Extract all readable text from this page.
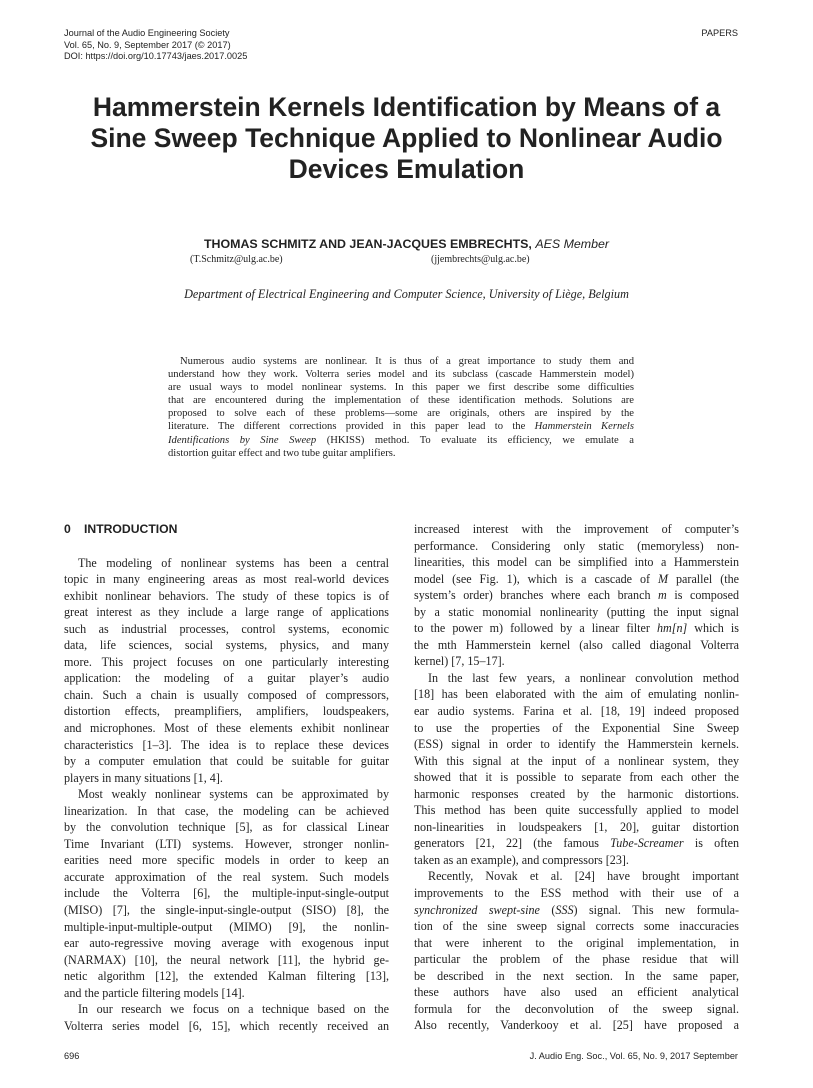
Journal of the Audio Engineering Society
Vol. 65, No. 9, September 2017 (© 2017)
DOI: https://doi.org/10.17743/jaes.2017.0025
PAPERS
Hammerstein Kernels Identification by Means of a
Sine Sweep Technique Applied to Nonlinear Audio
Devices Emulation
THOMAS SCHMITZ AND JEAN-JACQUES EMBRECHTS, AES Member
(T.Schmitz@ulg.ac.be)	(jjembrechts@ulg.ac.be)
Department of Electrical Engineering and Computer Science, University of Liège, Belgium
Numerous audio systems are nonlinear. It is thus of a great importance to study them and
understand how they work. Volterra series model and its subclass (cascade Hammerstein model)
are usual ways to model nonlinear systems. In this paper we first describe some difficulties
that are encountered during the implementation of these identification methods. Solutions are
proposed to solve each of these problems—some are originals, others are inspired by the
literature. The different corrections provided in this paper lead to the Hammerstein Kernels
Identifications by Sine Sweep (HKISS) method. To evaluate its efficiency, we emulate a
distortion guitar effect and two tube guitar amplifiers.
0 INTRODUCTION
The modeling of nonlinear systems has been a central
topic in many engineering areas as most real-world devices
exhibit nonlinear behaviors. The study of these topics is of
great interest as they include a large range of applications
such as industrial processes, control systems, economic
data, life sciences, social systems, physics, and many
more. This project focuses on one particularly interesting
application: the modeling of a guitar player’s audio
chain. Such a chain is usually composed of compressors,
distortion effects, preamplifiers, amplifiers, loudspeakers,
and microphones. Most of these elements exhibit nonlinear
characteristics [1–3]. The idea is to replace these devices
by a computer emulation that could be suitable for guitar
players in many situations [1, 4].
Most weakly nonlinear systems can be approximated by
linearization. In that case, the modeling can be achieved
by the convolution technique [5], as for classical Linear
Time Invariant (LTI) systems. However, stronger nonlin-
earities need more specific models in order to keep an
accurate approximation of the real system. Such models
include the Volterra [6], the multiple-input-single-output
(MISO) [7], the single-input-single-output (SISO) [8], the
multiple-input-multiple-output (MIMO) [9], the nonlin-
ear auto-regressive moving average with exogenous input
(NARMAX) [10], the neural network [11], the hybrid ge-
netic algorithm [12], the extended Kalman filtering [13],
and the particle filtering models [14].
In our research we focus on a technique based on the
Volterra series model [6, 15], which recently received an
increased interest with the improvement of computer’s
performance. Considering only static (memoryless) non-
linearities, this model can be simplified into a Hammerstein
model (see Fig. 1), which is a cascade of M parallel (the
system’s order) branches where each branch m is composed
by a static monomial nonlinearity (putting the input signal
to the power m) followed by a linear filter hm[n] which is
the mth Hammerstein kernel (also called diagonal Volterra
kernel) [7, 15–17].
In the last few years, a nonlinear convolution method
[18] has been elaborated with the aim of emulating nonlin-
ear audio systems. Farina et al. [18, 19] indeed proposed
to use the properties of the Exponential Sine Sweep
(ESS) signal in order to identify the Hammerstein kernels.
With this signal at the input of a nonlinear system, they
showed that it is possible to separate from each other the
harmonic responses created by the harmonic distortions.
This method has been quite successfully applied to model
non-linearities in loudspeakers [1, 20], guitar distortion
generators [21, 22] (the famous Tube-Screamer is often
taken as an example), and compressors [23].
Recently, Novak et al. [24] have brought important
improvements to the ESS method with their use of a
synchronized swept-sine (SSS) signal. This new formula-
tion of the sine sweep signal corrects some inaccuracies
that were inherent to the original implementation, in
particular the problem of the phase residue that will
be described in the next section. In the same paper,
these authors have also used an efficient analytical
formula for the deconvolution of the sweep signal.
Also recently, Vanderkooy et al. [25] have proposed a
696	J. Audio Eng. Soc., Vol. 65, No. 9, 2017 September
